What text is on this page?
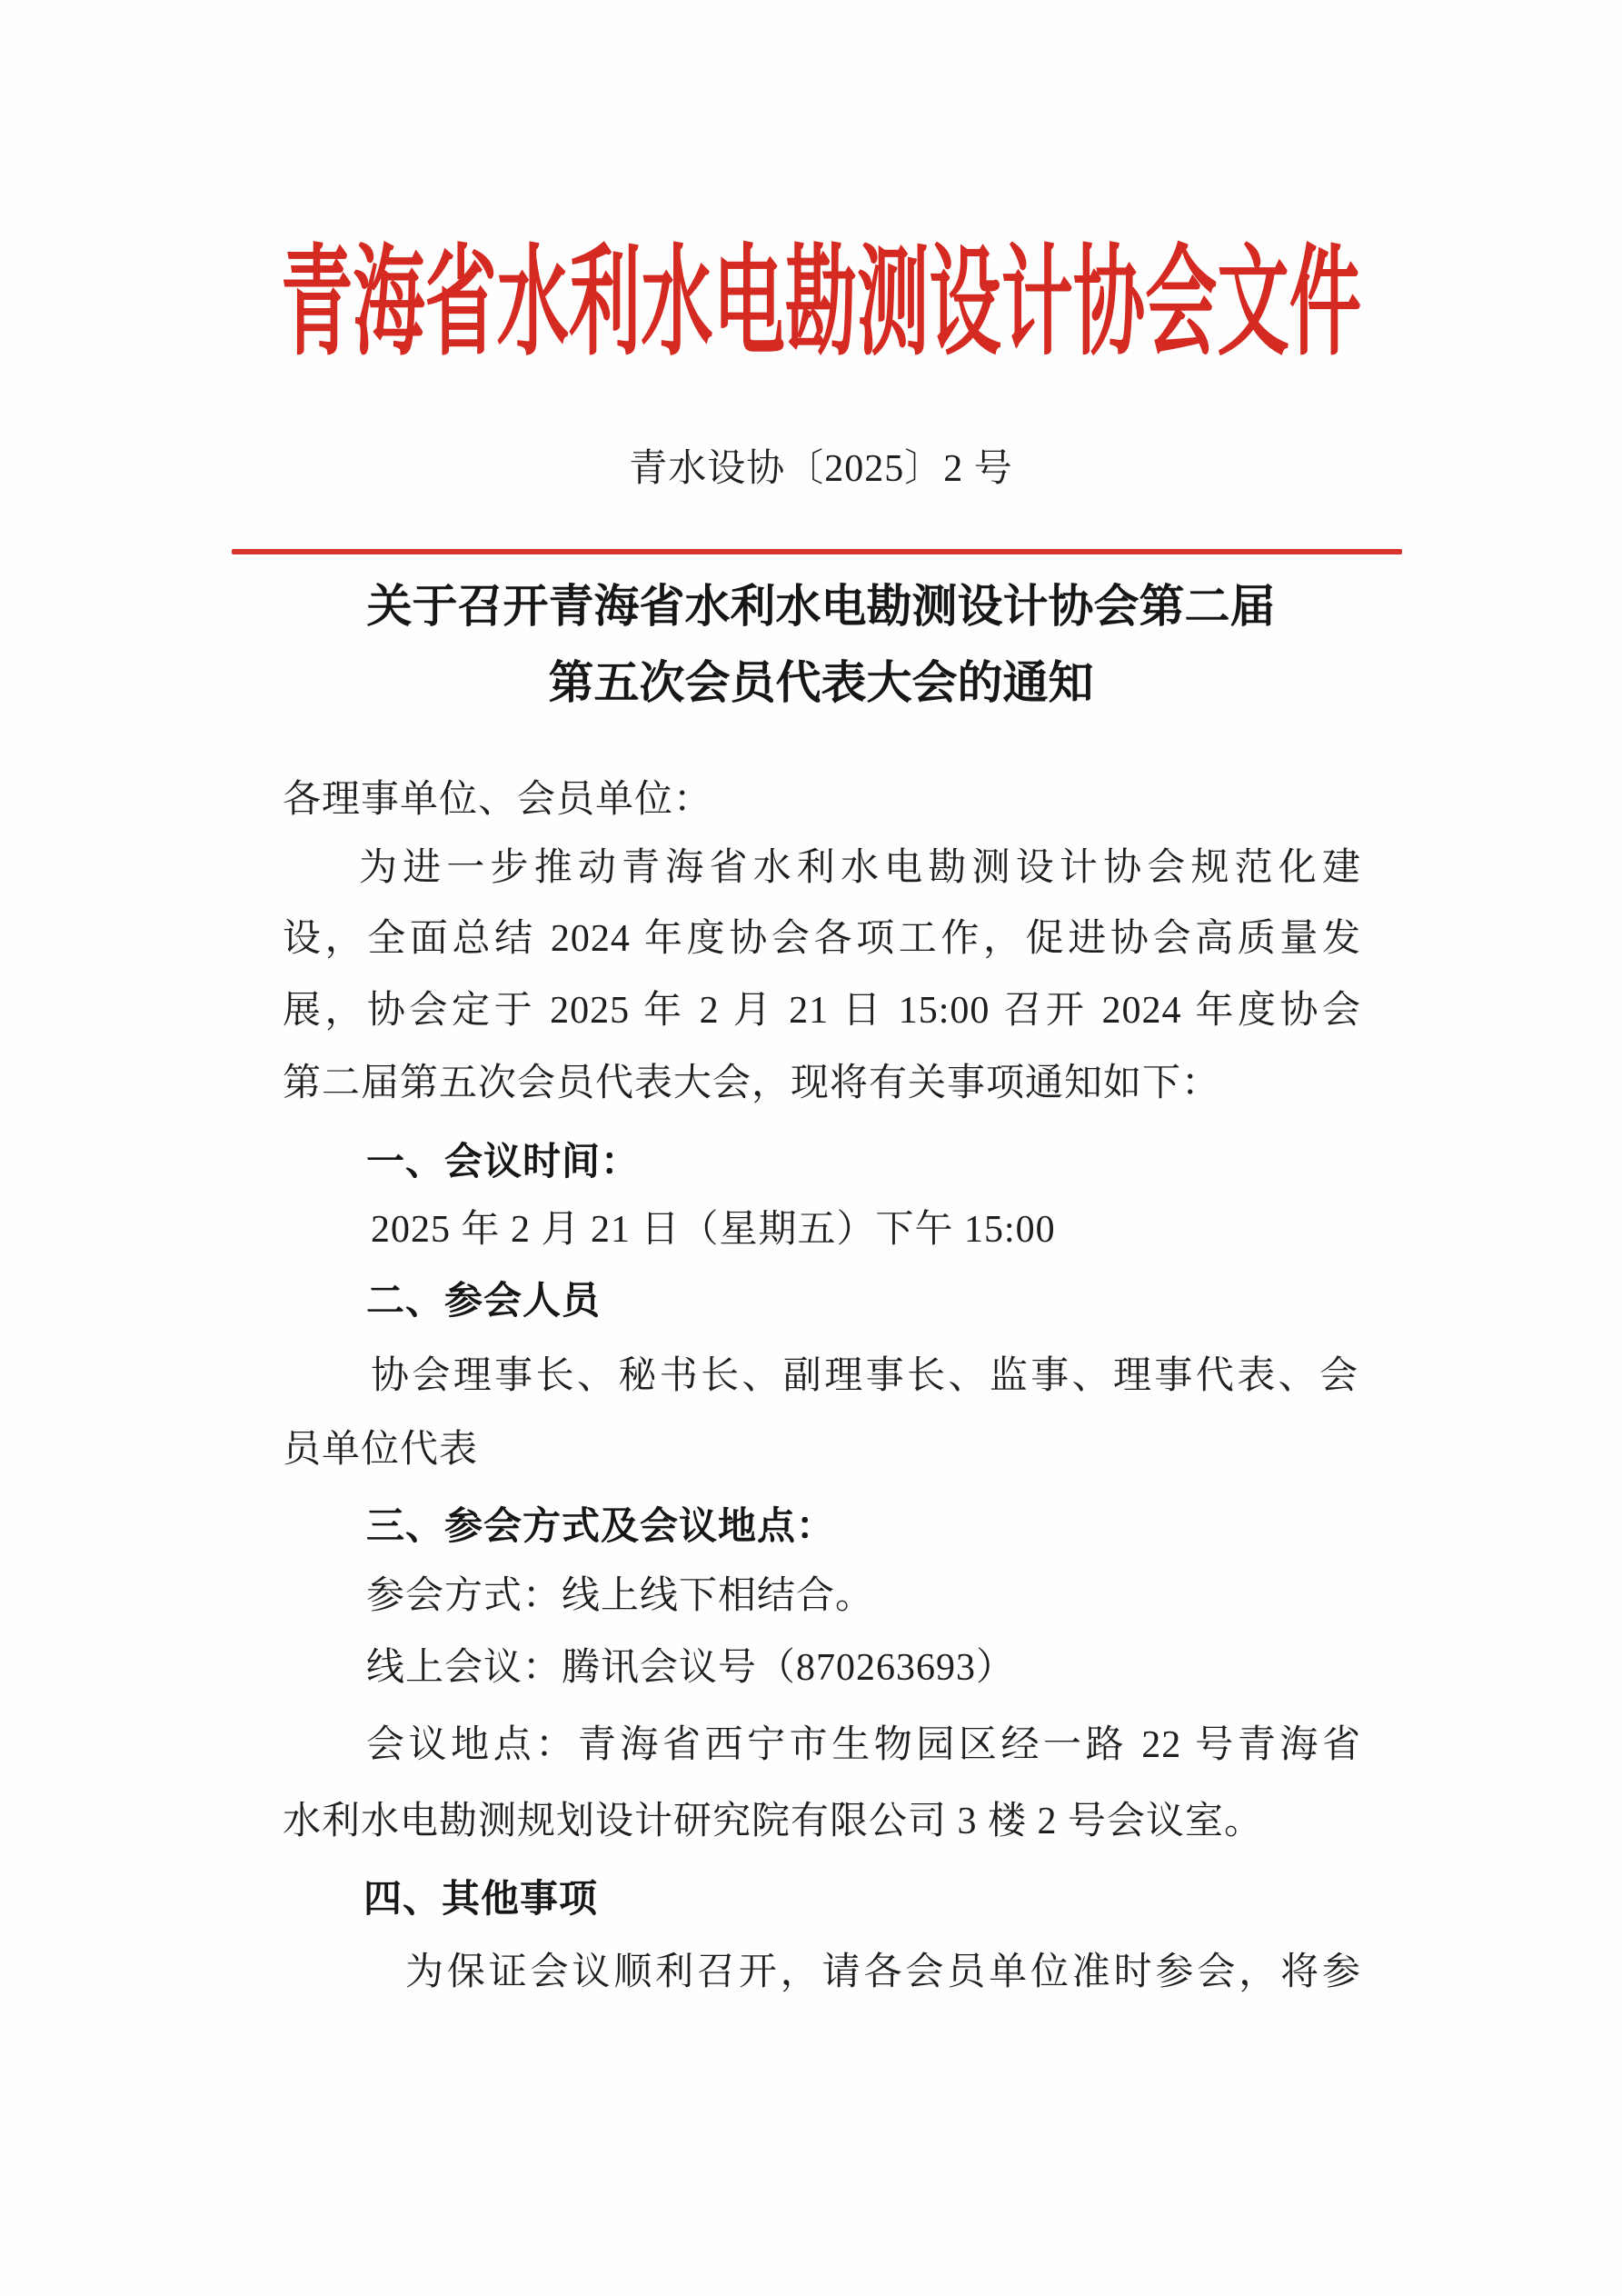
青海省水利水电勘测设计协会文件
青水设协〔2025〕2 号
关于召开青海省水利水电勘测设计协会第二届
第五次会员代表大会的通知
各理事单位、会员单位：
为进一步推动青海省水利水电勘测设计协会规范化建
设，全面总结 2024 年度协会各项工作，促进协会高质量发
展，协会定于 2025 年 2 月 21 日 15:00 召开 2024 年度协会
第二届第五次会员代表大会，现将有关事项通知如下：
一、会议时间：
2025 年 2 月 21 日（星期五）下午 15:00
二、参会人员
协会理事长、秘书长、副理事长、监事、理事代表、会
员单位代表
三、参会方式及会议地点：
参会方式：线上线下相结合。
线上会议：腾讯会议号（870263693）
会议地点：青海省西宁市生物园区经一路 22 号青海省
水利水电勘测规划设计研究院有限公司 3 楼 2 号会议室。
四、其他事项
为保证会议顺利召开，请各会员单位准时参会，将参
